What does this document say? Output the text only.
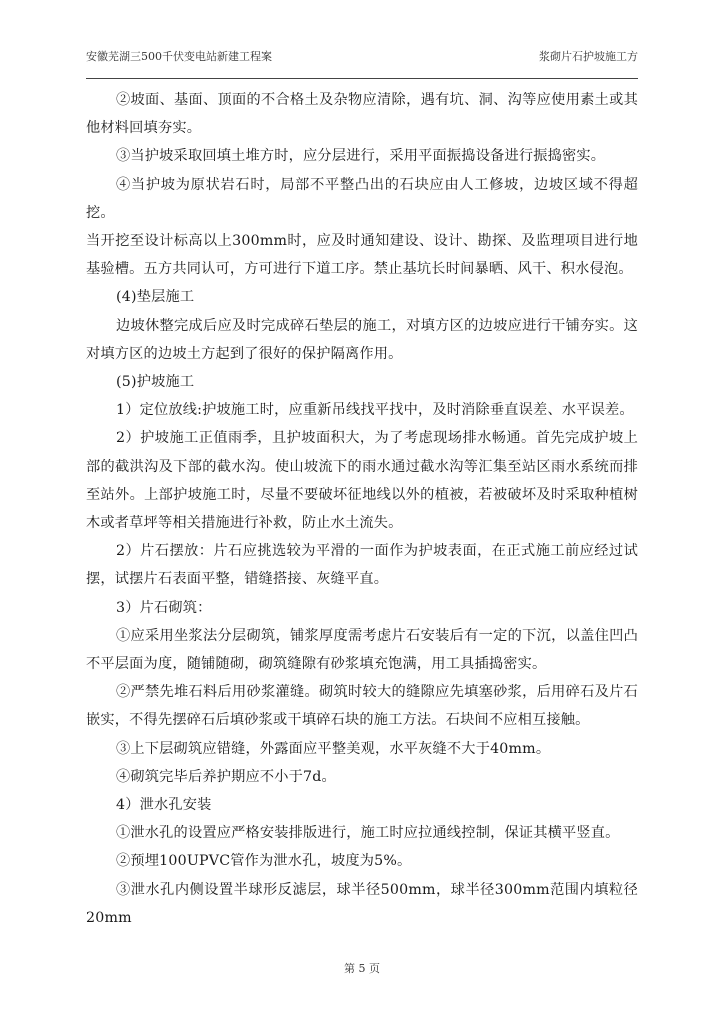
安徽芜湖三500千伏变电站新建工程案	浆砌片石护坡施工方

②坡面、基面、顶面的不合格土及杂物应清除，遇有坑、洞、沟等应使用素土或其他材料回填夯实。

③当护坡采取回填土堆方时，应分层进行，采用平面振捣设备进行振捣密实。

④当护坡为原状岩石时，局部不平整凸出的石块应由人工修坡，边坡区域不得超挖。

当开挖至设计标高以上300mm时，应及时通知建设、设计、勘探、及监理项目进行地基验槽。五方共同认可，方可进行下道工序。禁止基坑长时间暴晒、风干、积水侵泡。

(4)垫层施工

边坡休整完成后应及时完成碎石垫层的施工，对填方区的边坡应进行干铺夯实。这对填方区的边坡土方起到了很好的保护隔离作用。

(5)护坡施工

1）定位放线:护坡施工时，应重新吊线找平找中，及时消除垂直误差、水平误差。

2）护坡施工正值雨季，且护坡面积大，为了考虑现场排水畅通。首先完成护坡上部的截洪沟及下部的截水沟。使山坡流下的雨水通过截水沟等汇集至站区雨水系统而排至站外。上部护坡施工时，尽量不要破坏征地线以外的植被，若被破坏及时采取种植树木或者草坪等相关措施进行补救，防止水土流失。

2）片石摆放：片石应挑选较为平滑的一面作为护坡表面，在正式施工前应经过试摆，试摆片石表面平整，错缝搭接、灰缝平直。

3）片石砌筑：

①应采用坐浆法分层砌筑，铺浆厚度需考虑片石安装后有一定的下沉，以盖住凹凸不平层面为度，随铺随砌，砌筑缝隙有砂浆填充饱满，用工具插捣密实。

②严禁先堆石料后用砂浆灌缝。砌筑时较大的缝隙应先填塞砂浆，后用碎石及片石嵌实，不得先摆碎石后填砂浆或干填碎石块的施工方法。石块间不应相互接触。

③上下层砌筑应错缝，外露面应平整美观，水平灰缝不大于40mm。

④砌筑完毕后养护期应不小于7d。

4）泄水孔安装

①泄水孔的设置应严格安装排版进行，施工时应拉通线控制，保证其横平竖直。

②预埋100UPVC管作为泄水孔，坡度为5%。

③泄水孔内侧设置半球形反滤层，球半径500mm，球半径300mm范围内填粒径20mm

第 5 页
